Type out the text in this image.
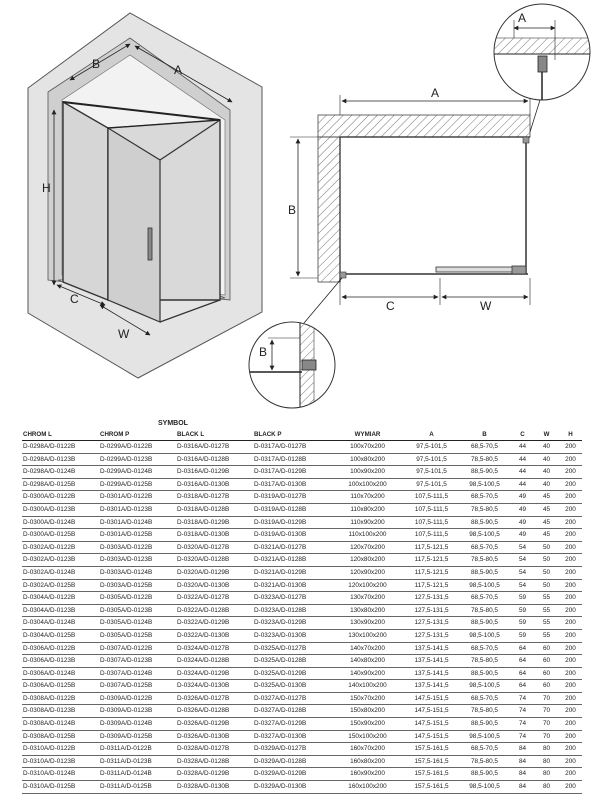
B	A
H
C
W
A
B
C	W
A
B
SYMBOL
CHROM L	CHROM P	BLACK L	BLACK P	WYMIAR	A	B	C	W	H
D-0298A/D-0122B	D-0299A/D-0122B	D-0316A/D-0127B	D-0317A/D-0127B	100x70x200	97,5-101,5	68,5-70,5	44	40	200
D-0298A/D-0123B	D-0299A/D-0123B	D-0316A/D-0128B	D-0317A/D-0128B	100x80x200	97,5-101,5	78,5-80,5	44	40	200
D-0298A/D-0124B	D-0299A/D-0124B	D-0316A/D-0129B	D-0317A/D-0129B	100x90x200	97,5-101,5	88,5-90,5	44	40	200
D-0298A/D-0125B	D-0299A/D-0125B	D-0316A/D-0130B	D-0317A/D-0130B	100x100x200	97,5-101,5	98,5-100,5	44	40	200
D-0300A/D-0122B	D-0301A/D-0122B	D-0318A/D-0127B	D-0319A/D-0127B	110x70x200	107,5-111,5	68,5-70,5	49	45	200
D-0300A/D-0123B	D-0301A/D-0123B	D-0318A/D-0128B	D-0319A/D-0128B	110x80x200	107,5-111,5	78,5-80,5	49	45	200
D-0300A/D-0124B	D-0301A/D-0124B	D-0318A/D-0129B	D-0319A/D-0129B	110x90x200	107,5-111,5	88,5-90,5	49	45	200
D-0300A/D-0125B	D-0301A/D-0125B	D-0318A/D-0130B	D-0319A/D-0130B	110x100x200	107,5-111,5	98,5-100,5	49	45	200
D-0302A/D-0122B	D-0303A/D-0122B	D-0320A/D-0127B	D-0321A/D-0127B	120x70x200	117,5-121,5	68,5-70,5	54	50	200
D-0302A/D-0123B	D-0303A/D-0123B	D-0320A/D-0128B	D-0321A/D-0128B	120x80x200	117,5-121,5	78,5-80,5	54	50	200
D-0302A/D-0124B	D-0303A/D-0124B	D-0320A/D-0129B	D-0321A/D-0129B	120x90x200	117,5-121,5	88,5-90,5	54	50	200
D-0302A/D-0125B	D-0303A/D-0125B	D-0320A/D-0130B	D-0321A/D-0130B	120x100x200	117,5-121,5	98,5-100,5	54	50	200
D-0304A/D-0122B	D-0305A/D-0122B	D-0322A/D-0127B	D-0323A/D-0127B	130x70x200	127,5-131,5	68,5-70,5	59	55	200
D-0304A/D-0123B	D-0305A/D-0123B	D-0322A/D-0128B	D-0323A/D-0128B	130x80x200	127,5-131,5	78,5-80,5	59	55	200
D-0304A/D-0124B	D-0305A/D-0124B	D-0322A/D-0129B	D-0323A/D-0129B	130x90x200	127,5-131,5	88,5-90,5	59	55	200
D-0304A/D-0125B	D-0305A/D-0125B	D-0322A/D-0130B	D-0323A/D-0130B	130x100x200	127,5-131,5	98,5-100,5	59	55	200
D-0306A/D-0122B	D-0307A/D-0122B	D-0324A/D-0127B	D-0325A/D-0127B	140x70x200	137,5-141,5	68,5-70,5	64	60	200
D-0306A/D-0123B	D-0307A/D-0123B	D-0324A/D-0128B	D-0325A/D-0128B	140x80x200	137,5-141,5	78,5-80,5	64	60	200
D-0306A/D-0124B	D-0307A/D-0124B	D-0324A/D-0129B	D-0325A/D-0129B	140x90x200	137,5-141,5	88,5-90,5	64	60	200
D-0306A/D-0125B	D-0307A/D-0125B	D-0324A/D-0130B	D-0325A/D-0130B	140x100x200	137,5-141,5	98,5-100,5	64	60	200
D-0308A/D-0122B	D-0309A/D-0122B	D-0326A/D-0127B	D-0327A/D-0127B	150x70x200	147,5-151,5	68,5-70,5	74	70	200
D-0308A/D-0123B	D-0309A/D-0123B	D-0326A/D-0128B	D-0327A/D-0128B	150x80x200	147,5-151,5	78,5-80,5	74	70	200
D-0308A/D-0124B	D-0309A/D-0124B	D-0326A/D-0129B	D-0327A/D-0129B	150x90x200	147,5-151,5	88,5-90,5	74	70	200
D-0308A/D-0125B	D-0309A/D-0125B	D-0326A/D-0130B	D-0327A/D-0130B	150x100x200	147,5-151,5	98,5-100,5	74	70	200
D-0310A/D-0122B	D-0311A/D-0122B	D-0328A/D-0127B	D-0329A/D-0127B	160x70x200	157,5-161,5	68,5-70,5	84	80	200
D-0310A/D-0123B	D-0311A/D-0123B	D-0328A/D-0128B	D-0329A/D-0128B	160x80x200	157,5-161,5	78,5-80,5	84	80	200
D-0310A/D-0124B	D-0311A/D-0124B	D-0328A/D-0129B	D-0329A/D-0129B	160x90x200	157,5-161,5	88,5-90,5	84	80	200
D-0310A/D-0125B	D-0311A/D-0125B	D-0328A/D-0130B	D-0329A/D-0130B	160x100x200	157,5-161,5	98,5-100,5	84	80	200
